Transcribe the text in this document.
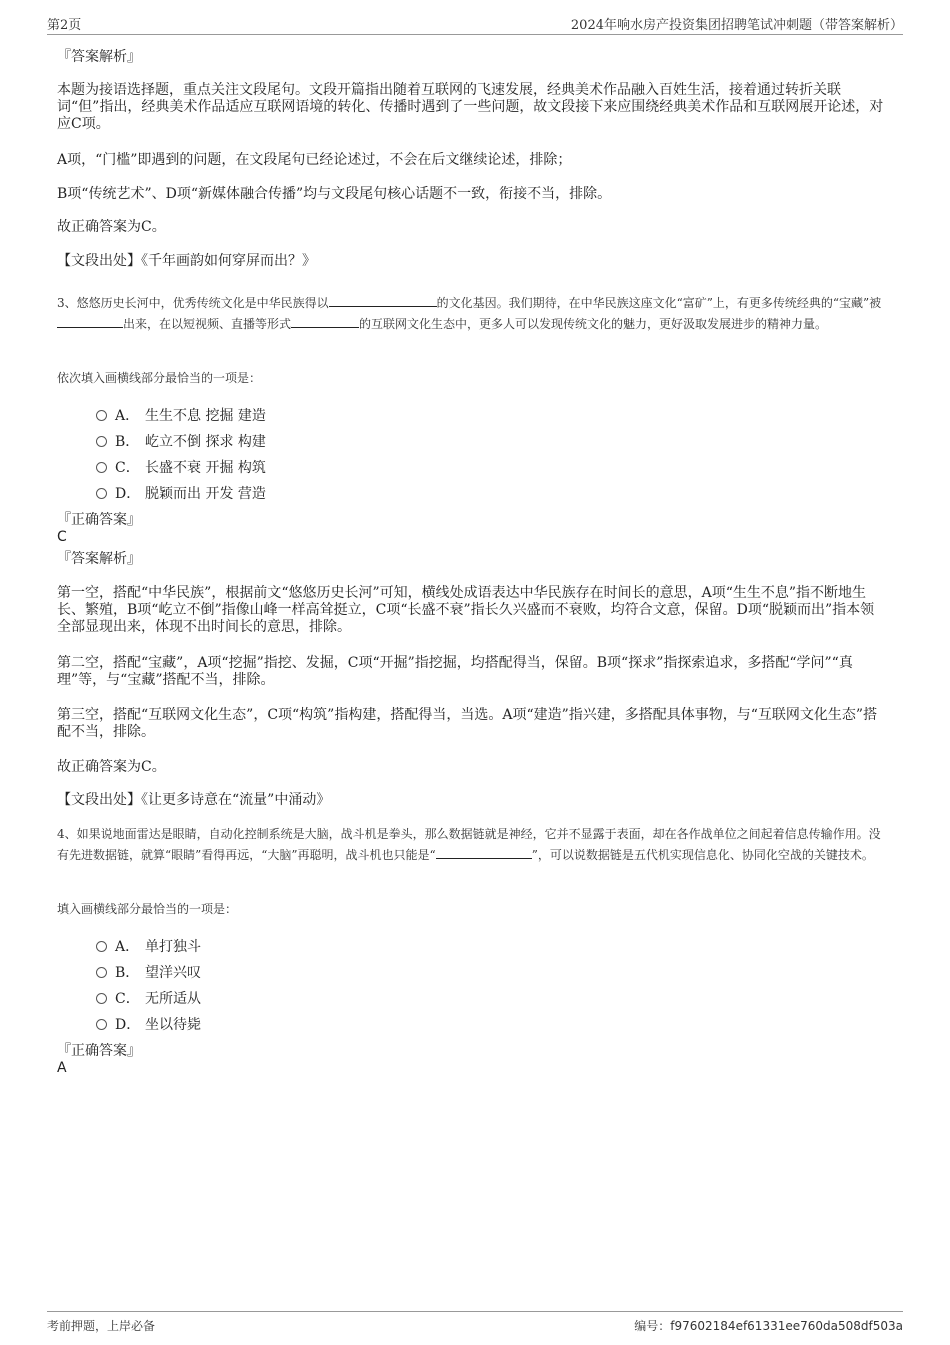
第2页	2024年响水房产投资集团招聘笔试冲刺题（带答案解析）
『答案解析』
本题为接语选择题，重点关注文段尾句。文段开篇指出随着互联网的飞速发展，经典美术作品融入百姓生活，接着通过转折关联词“但”指出，经典美术作品适应互联网语境的转化、传播时遇到了一些问题，故文段接下来应围绕经典美术作品和互联网展开论述，对应C项。
A项，“门槛”即遇到的问题，在文段尾句已经论述过，不会在后文继续论述，排除；
B项“传统艺术”、D项“新媒体融合传播”均与文段尾句核心话题不一致，衔接不当，排除。
故正确答案为C。
【文段出处】《千年画韵如何穿屏而出？》
3、悠悠历史长河中，优秀传统文化是中华民族得以	的文化基因。我们期待，在中华民族这座文化“富矿”上，有更多传统经典的“宝藏”被出来，在以短视频、直播等形式	的互联网文化生态中，更多人可以发现传统文化的魅力，更好汲取发展进步的精神力量。
依次填入画横线部分最恰当的一项是：
A． 生生不息 挖掘 建造
B． 屹立不倒 探求 构建
C． 长盛不衰 开掘 构筑
D． 脱颖而出 开发 营造
『正确答案』
C
『答案解析』
第一空，搭配“中华民族”，根据前文“悠悠历史长河”可知，横线处成语表达中华民族存在时间长的意思，A项“生生不息”指不断地生长、繁殖，B项“屹立不倒”指像山峰一样高耸挺立，C项“长盛不衰”指长久兴盛而不衰败，均符合文意，保留。D项“脱颖而出”指本领全部显现出来，体现不出时间长的意思，排除。
第二空，搭配“宝藏”，A项“挖掘”指挖、发掘，C项“开掘”指挖掘，均搭配得当，保留。B项“探求”指探索追求，多搭配“学问”“真理”等，与“宝藏”搭配不当，排除。
第三空，搭配“互联网文化生态”，C项“构筑”指构建，搭配得当，当选。A项“建造”指兴建，多搭配具体事物，与“互联网文化生态”搭配不当，排除。
故正确答案为C。
【文段出处】《让更多诗意在“流量”中涌动》
4、如果说地面雷达是眼睛，自动化控制系统是大脑，战斗机是拳头，那么数据链就是神经，它并不显露于表面，却在各作战单位之间起着信息传输作用。没有先进数据链，就算“眼睛”看得再远，“大脑”再聪明，战斗机也只能是“	”，可以说数据链是五代机实现信息化、协同化空战的关键技术。
填入画横线部分最恰当的一项是：
A． 单打独斗
B． 望洋兴叹
C． 无所适从
D． 坐以待毙
『正确答案』
A
考前押题，上岸必备	编号：f97602184ef61331ee760da508df503a
